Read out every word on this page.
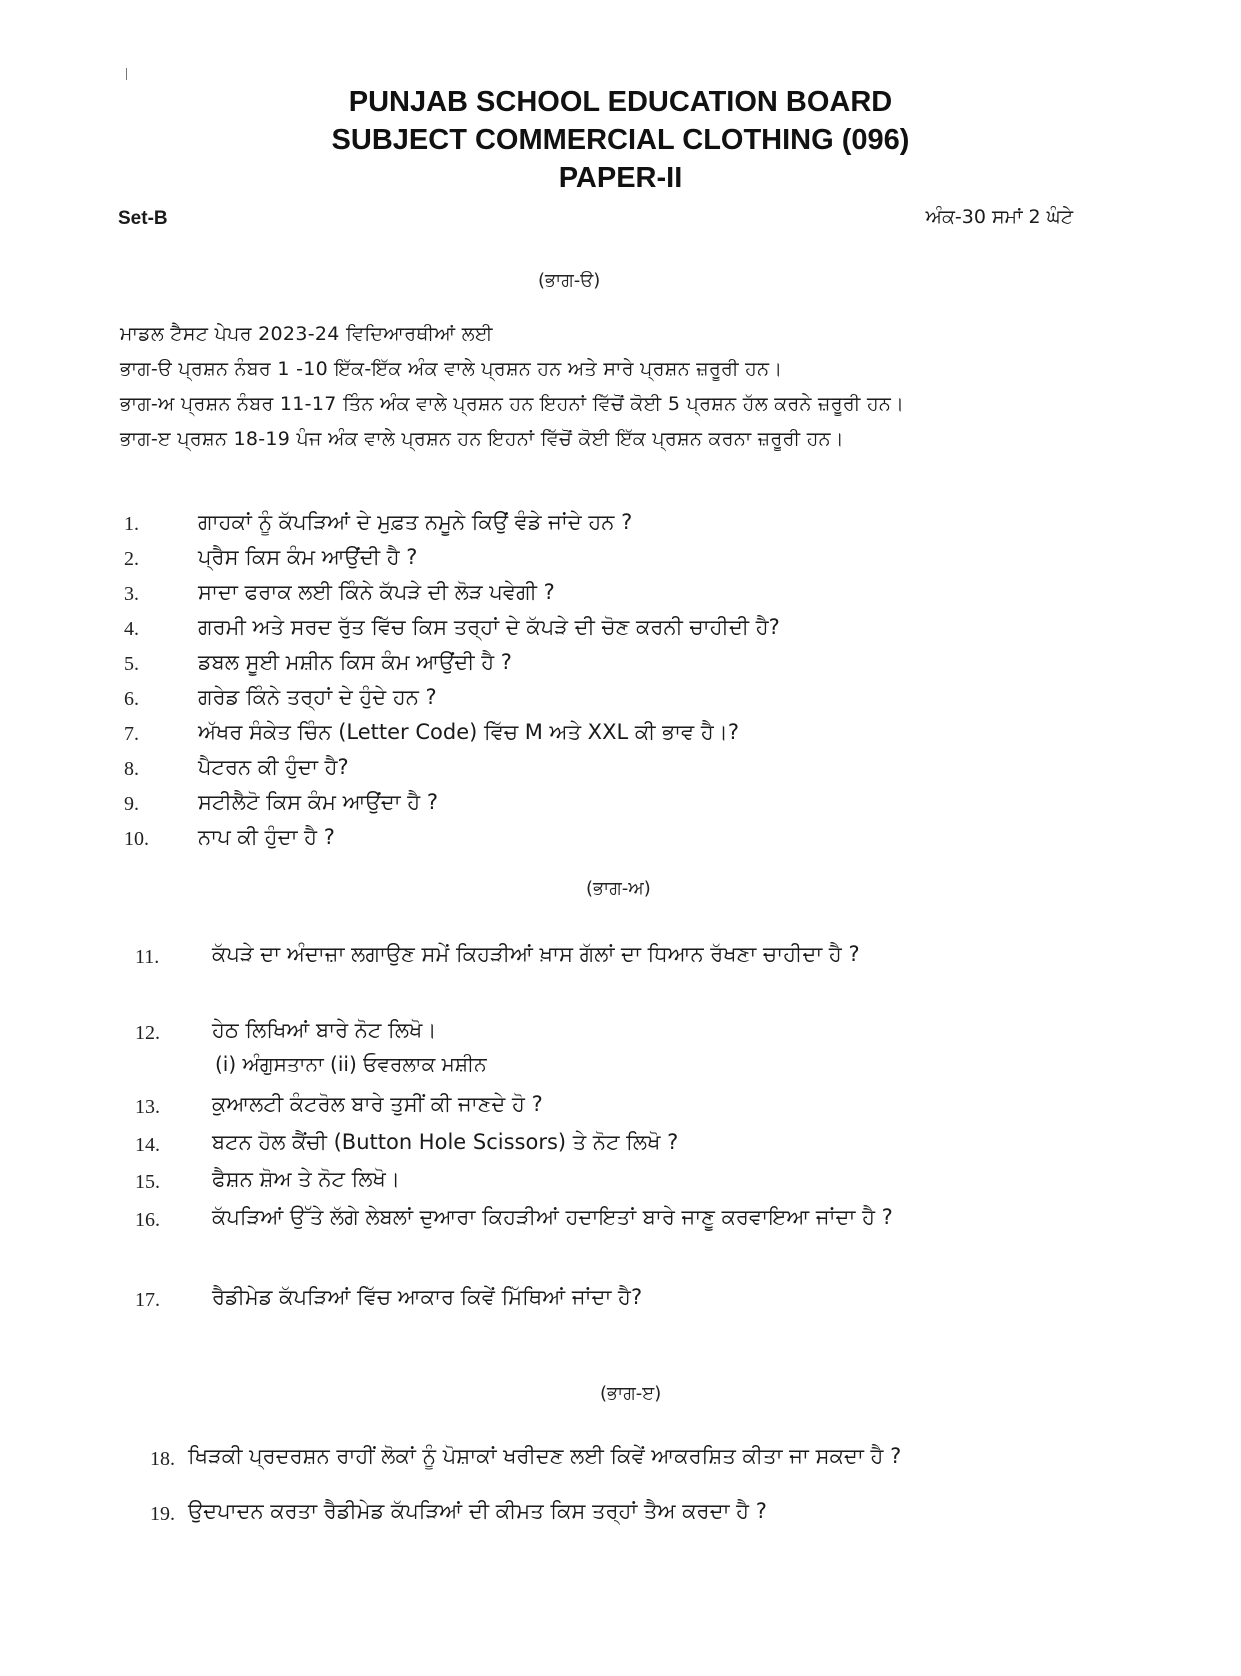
PUNJAB SCHOOL EDUCATION BOARD
SUBJECT COMMERCIAL CLOTHING (096)
PAPER-II
Set-B	ਅੰਕ-30 ਸਮਾਂ 2 ਘੰਟੇ
(ਭਾਗ-ੳ)
ਮਾਡਲ ਟੈਸਟ ਪੇਪਰ 2023-24 ਵਿਦਿਆਰਥੀਆਂ ਲਈ
ਭਾਗ-ੳ ਪ੍ਰਸ਼ਨ ਨੰਬਰ 1 -10 ਇੱਕ-ਇੱਕ ਅੰਕ ਵਾਲੇ ਪ੍ਰਸ਼ਨ ਹਨ ਅਤੇ ਸਾਰੇ ਪ੍ਰਸ਼ਨ ਜ਼ਰੂਰੀ ਹਨ।
ਭਾਗ-ਅ ਪ੍ਰਸ਼ਨ ਨੰਬਰ 11-17 ਤਿੰਨ ਅੰਕ ਵਾਲੇ ਪ੍ਰਸ਼ਨ ਹਨ ਇਹਨਾਂ ਵਿੱਚੋਂ ਕੋਈ 5 ਪ੍ਰਸ਼ਨ ਹੱਲ ਕਰਨੇ ਜ਼ਰੂਰੀ ਹਨ।
ਭਾਗ-ੲ ਪ੍ਰਸ਼ਨ 18-19 ਪੰਜ ਅੰਕ ਵਾਲੇ ਪ੍ਰਸ਼ਨ ਹਨ ਇਹਨਾਂ ਵਿੱਚੋਂ ਕੋਈ ਇੱਕ ਪ੍ਰਸ਼ਨ ਕਰਨਾ ਜ਼ਰੂਰੀ ਹਨ।
1.	ਗਾਹਕਾਂ ਨੂੰ ਕੱਪੜਿਆਂ ਦੇ ਮੁਫ਼ਤ ਨਮੂਨੇ ਕਿਉਂ ਵੰਡੇ ਜਾਂਦੇ ਹਨ ?
2.	ਪ੍ਰੈਸ ਕਿਸ ਕੰਮ ਆਉਂਦੀ ਹੈ ?
3.	ਸਾਦਾ ਫਰਾਕ ਲਈ ਕਿੰਨੇ ਕੱਪੜੇ ਦੀ ਲੋੜ ਪਵੇਗੀ ?
4.	ਗਰਮੀ ਅਤੇ ਸਰਦ ਰੁੱਤ ਵਿੱਚ ਕਿਸ ਤਰ੍ਹਾਂ ਦੇ ਕੱਪੜੇ ਦੀ ਚੋਣ ਕਰਨੀ ਚਾਹੀਦੀ ਹੈ?
5.	ਡਬਲ ਸੂਈ ਮਸ਼ੀਨ ਕਿਸ ਕੰਮ ਆਉਂਦੀ ਹੈ ?
6.	ਗਰੇਡ ਕਿੰਨੇ ਤਰ੍ਹਾਂ ਦੇ ਹੁੰਦੇ ਹਨ ?
7.	ਅੱਖਰ ਸੰਕੇਤ ਚਿੰਨ (Letter Code) ਵਿੱਚ M ਅਤੇ XXL ਕੀ ਭਾਵ ਹੈ।?
8.	ਪੈਟਰਨ ਕੀ ਹੁੰਦਾ ਹੈ?
9.	ਸਟੀਲੈਟੋ ਕਿਸ ਕੰਮ ਆਉਂਦਾ ਹੈ ?
10. ਨਾਪ ਕੀ ਹੁੰਦਾ ਹੈ ?
(ਭਾਗ-ਅ)
11.	ਕੱਪੜੇ ਦਾ ਅੰਦਾਜ਼ਾ ਲਗਾਉਣ ਸਮੇਂ ਕਿਹੜੀਆਂ ਖ਼ਾਸ ਗੱਲਾਂ ਦਾ ਧਿਆਨ ਰੱਖਣਾ ਚਾਹੀਦਾ ਹੈ ?
12. ਹੇਠ ਲਿਖਿਆਂ ਬਾਰੇ ਨੋਟ ਲਿਖੋ।
(i) ਅੰਗੁਸਤਾਨਾ (ii) ਓਵਰਲਾਕ ਮਸ਼ੀਨ
13. ਕੁਆਲਟੀ ਕੰਟਰੋਲ ਬਾਰੇ ਤੁਸੀਂ ਕੀ ਜਾਣਦੇ ਹੋ ?
14. ਬਟਨ ਹੋਲ ਕੈਂਚੀ (Button Hole Scissors) ਤੇ ਨੋਟ ਲਿਖੋ ?
15. ਫੈਸ਼ਨ ਸ਼ੋਅ ਤੇ ਨੋਟ ਲਿਖੋ।
16. ਕੱਪੜਿਆਂ ਉੱਤੇ ਲੱਗੇ ਲੇਬਲਾਂ ਦੁਆਰਾ ਕਿਹੜੀਆਂ ਹਦਾਇਤਾਂ ਬਾਰੇ ਜਾਣੂ ਕਰਵਾਇਆ ਜਾਂਦਾ ਹੈ ?
17. ਰੈਡੀਮੇਡ ਕੱਪੜਿਆਂ ਵਿੱਚ ਆਕਾਰ ਕਿਵੇਂ ਮਿੱਥਿਆਂ ਜਾਂਦਾ ਹੈ?
(ਭਾਗ-ੲ)
18. ਖਿੜਕੀ ਪ੍ਰਦਰਸ਼ਨ ਰਾਹੀਂ ਲੋਕਾਂ ਨੂੰ ਪੋਸ਼ਾਕਾਂ ਖਰੀਦਣ ਲਈ ਕਿਵੇਂ ਆਕਰਸ਼ਿਤ ਕੀਤਾ ਜਾ ਸਕਦਾ ਹੈ ?
19. ਉਦਪਾਦਨ ਕਰਤਾ ਰੈਡੀਮੇਡ ਕੱਪੜਿਆਂ ਦੀ ਕੀਮਤ ਕਿਸ ਤਰ੍ਹਾਂ ਤੈਅ ਕਰਦਾ ਹੈ ?
